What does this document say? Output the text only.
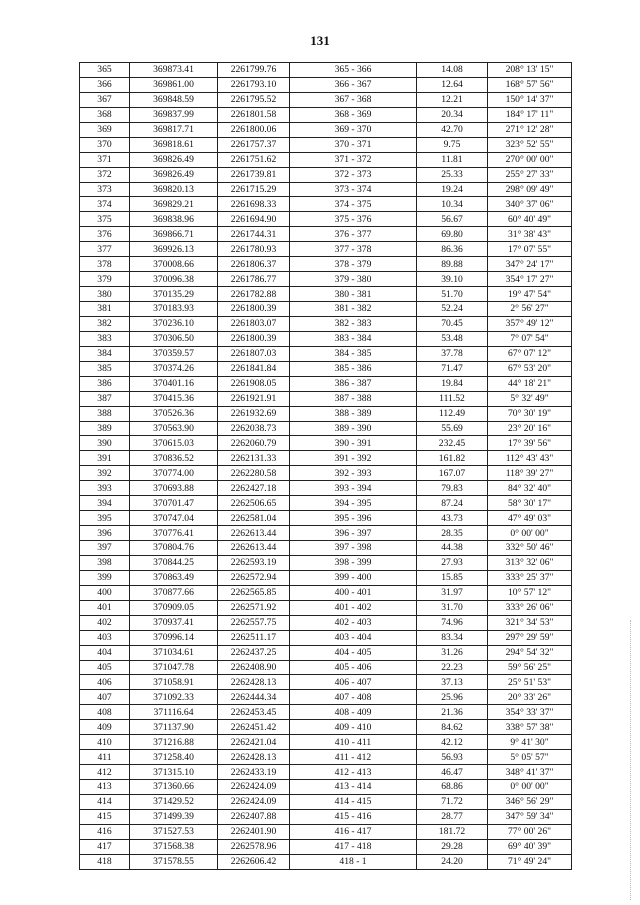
131
365	369873.41	2261799.76	365 - 366	14.08	208° 13' 15"
366	369861.00	2261793.10	366 - 367	12.64	168° 57' 56"
367	369848.59	2261795.52	367 - 368	12.21	150° 14' 37"
368	369837.99	2261801.58	368 - 369	20.34	184° 17' 11"
369	369817.71	2261800.06	369 - 370	42.70	271° 12' 28"
370	369818.61	2261757.37	370 - 371	9.75	323° 52' 55"
371	369826.49	2261751.62	371 - 372	11.81	270° 00' 00"
372	369826.49	2261739.81	372 - 373	25.33	255° 27' 33"
373	369820.13	2261715.29	373 - 374	19.24	298° 09' 49"
374	369829.21	2261698.33	374 - 375	10.34	340° 37' 06"
375	369838.96	2261694.90	375 - 376	56.67	60° 40' 49"
376	369866.71	2261744.31	376 - 377	69.80	31° 38' 43"
377	369926.13	2261780.93	377 - 378	86.36	17° 07' 55"
378	370008.66	2261806.37	378 - 379	89.88	347° 24' 17"
379	370096.38	2261786.77	379 - 380	39.10	354° 17' 27"
380	370135.29	2261782.88	380 - 381	51.70	19° 47' 54"
381	370183.93	2261800.39	381 - 382	52.24	2° 56' 27"
382	370236.10	2261803.07	382 - 383	70.45	357° 49' 12"
383	370306.50	2261800.39	383 - 384	53.48	7° 07' 54"
384	370359.57	2261807.03	384 - 385	37.78	67° 07' 12"
385	370374.26	2261841.84	385 - 386	71.47	67° 53' 20"
386	370401.16	2261908.05	386 - 387	19.84	44° 18' 21"
387	370415.36	2261921.91	387 - 388	111.52	5° 32' 49"
388	370526.36	2261932.69	388 - 389	112.49	70° 30' 19"
389	370563.90	2262038.73	389 - 390	55.69	23° 20' 16"
390	370615.03	2262060.79	390 - 391	232.45	17° 39' 56"
391	370836.52	2262131.33	391 - 392	161.82	112° 43' 43"
392	370774.00	2262280.58	392 - 393	167.07	118° 39' 27"
393	370693.88	2262427.18	393 - 394	79.83	84° 32' 40"
394	370701.47	2262506.65	394 - 395	87.24	58° 30' 17"
395	370747.04	2262581.04	395 - 396	43.73	47° 49' 03"
396	370776.41	2262613.44	396 - 397	28.35	0° 00' 00"
397	370804.76	2262613.44	397 - 398	44.38	332° 50' 46"
398	370844.25	2262593.19	398 - 399	27.93	313° 32' 06"
399	370863.49	2262572.94	399 - 400	15.85	333° 25' 37"
400	370877.66	2262565.85	400 - 401	31.97	10° 57' 12"
401	370909.05	2262571.92	401 - 402	31.70	333° 26' 06"
402	370937.41	2262557.75	402 - 403	74.96	321° 34' 53"
403	370996.14	2262511.17	403 - 404	83.34	297° 29' 59"
404	371034.61	2262437.25	404 - 405	31.26	294° 54' 32"
405	371047.78	2262408.90	405 - 406	22.23	59° 56' 25"
406	371058.91	2262428.13	406 - 407	37.13	25° 51' 53"
407	371092.33	2262444.34	407 - 408	25.96	20° 33' 26"
408	371116.64	2262453.45	408 - 409	21.36	354° 33' 37"
409	371137.90	2262451.42	409 - 410	84.62	338° 57' 38"
410	371216.88	2262421.04	410 - 411	42.12	9° 41' 30"
411	371258.40	2262428.13	411 - 412	56.93	5° 05' 57"
412	371315.10	2262433.19	412 - 413	46.47	348° 41' 37"
413	371360.66	2262424.09	413 - 414	68.86	0° 00' 00"
414	371429.52	2262424.09	414 - 415	71.72	346° 56' 29"
415	371499.39	2262407.88	415 - 416	28.77	347° 59' 34"
416	371527.53	2262401.90	416 - 417	181.72	77° 00' 26"
417	371568.38	2262578.96	417 - 418	29.28	69° 40' 39"
418	371578.55	2262606.42	418 - 1	24.20	71° 49' 24"
